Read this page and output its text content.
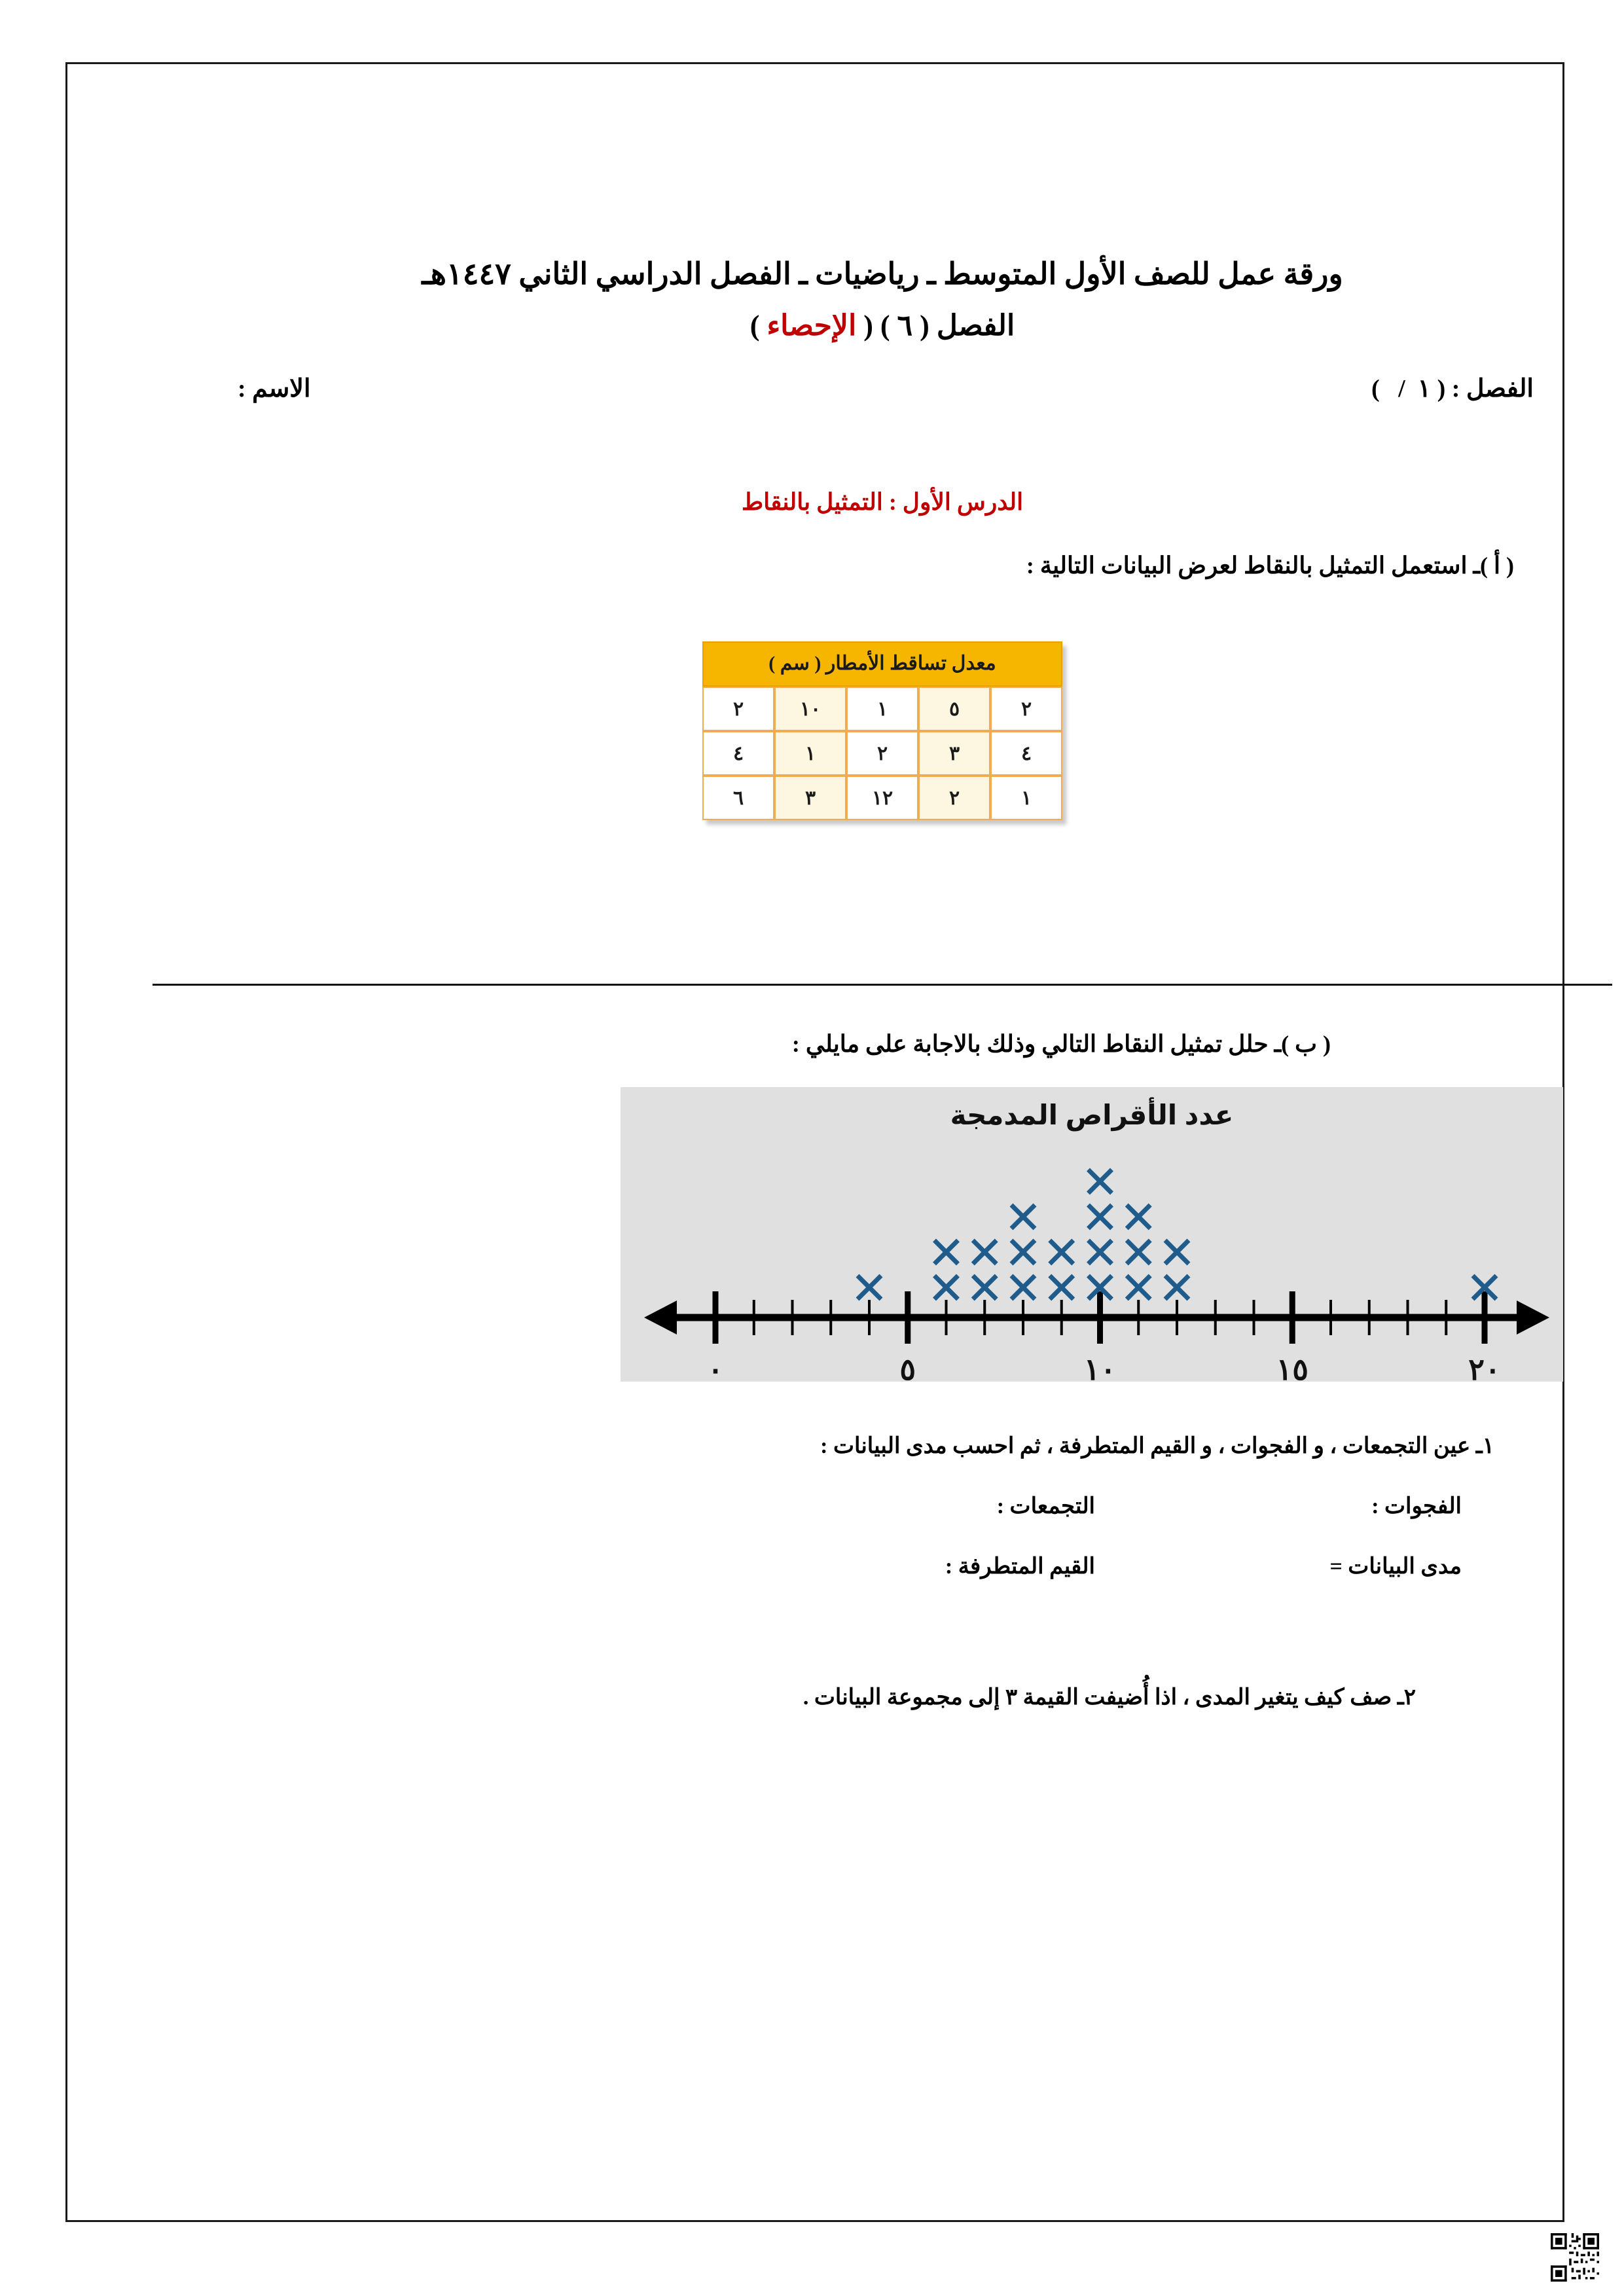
ورقة عمل للصف الأول المتوسط ـ رياضيات ـ الفصل الدراسي الثاني ١٤٤٧هـ
الفصل ( ٦ ) ( الإحصاء )
الفصل : ( ١  /   )
الاسم :
الدرس الأول : التمثيل بالنقاط
( أ )ـ استعمل التمثيل بالنقاط لعرض البيانات التالية :
معدل تساقط الأمطار ( سم )				
٢	٥	١	١٠	٢
٤	٣	٢	١	٤
١	٢	١٢	٣	٦
( ب )ـ حلل تمثيل النقاط التالي وذلك بالاجابة على مايلي :
عدد الأقراص المدمجة
٠	٥	١٠	١٥	٢٠
١ـ عين التجمعات ، و الفجوات ، و القيم المتطرفة ، ثم احسب مدى البيانات :
الفجوات :
التجمعات :
مدى البيانات =
القيم المتطرفة :
٢ـ صف كيف يتغير المدى ، اذا أُضيفت القيمة ٣ إلى مجموعة البيانات .
